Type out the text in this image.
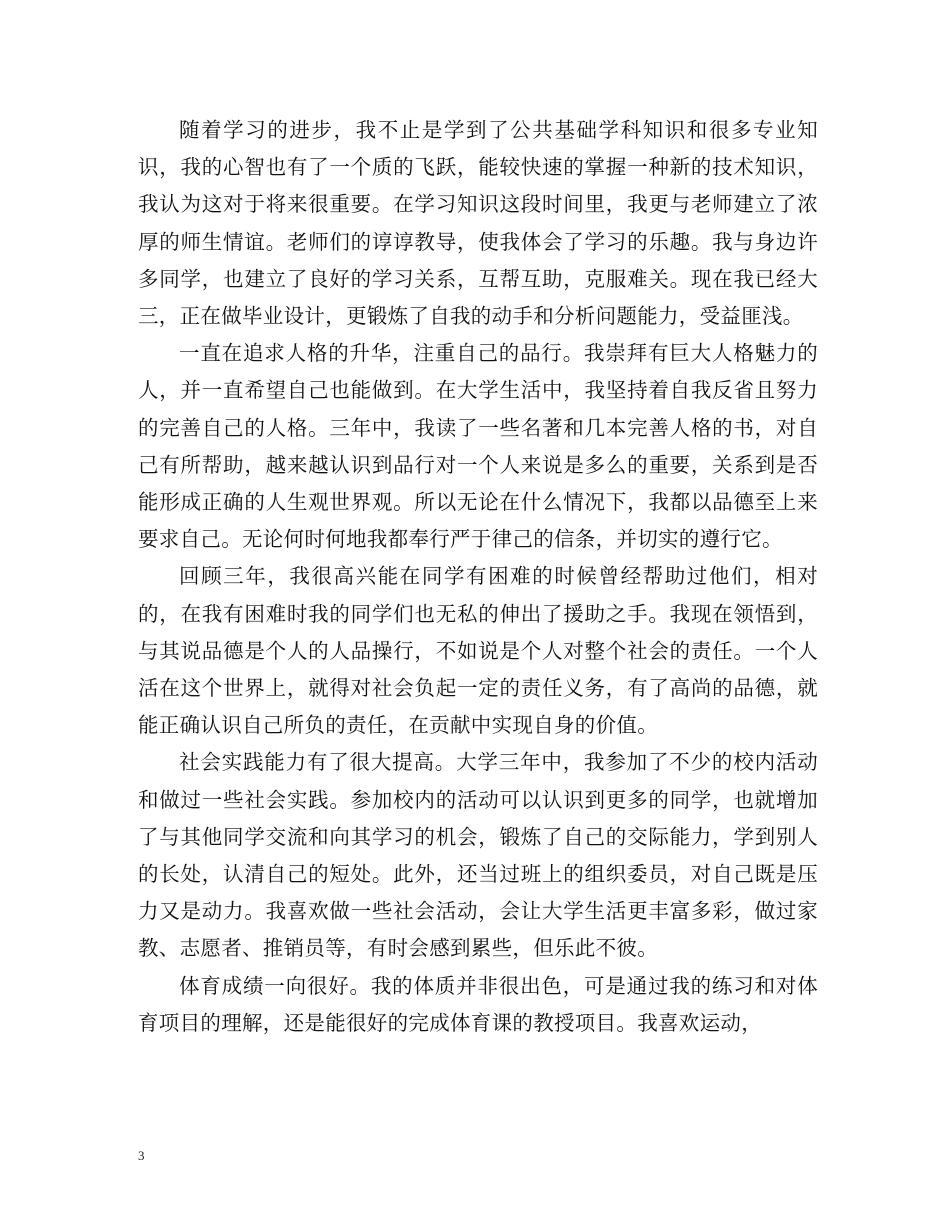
随着学习的进步，我不止是学到了公共基础学科知识和很多专业知识，我的心智也有了一个质的飞跃，能较快速的掌握一种新的技术知识，我认为这对于将来很重要。在学习知识这段时间里，我更与老师建立了浓厚的师生情谊。老师们的谆谆教导，使我体会了学习的乐趣。我与身边许多同学，也建立了良好的学习关系，互帮互助，克服难关。现在我已经大三，正在做毕业设计，更锻炼了自我的动手和分析问题能力，受益匪浅。

一直在追求人格的升华，注重自己的品行。我崇拜有巨大人格魅力的人，并一直希望自己也能做到。在大学生活中，我坚持着自我反省且努力的完善自己的人格。三年中，我读了一些名著和几本完善人格的书，对自己有所帮助，越来越认识到品行对一个人来说是多么的重要，关系到是否能形成正确的人生观世界观。所以无论在什么情况下，我都以品德至上来要求自己。无论何时何地我都奉行严于律己的信条，并切实的遵行它。

回顾三年，我很高兴能在同学有困难的时候曾经帮助过他们，相对的，在我有困难时我的同学们也无私的伸出了援助之手。我现在领悟到，与其说品德是个人的人品操行，不如说是个人对整个社会的责任。一个人活在这个世界上，就得对社会负起一定的责任义务，有了高尚的品德，就能正确认识自己所负的责任，在贡献中实现自身的价值。

社会实践能力有了很大提高。大学三年中，我参加了不少的校内活动和做过一些社会实践。参加校内的活动可以认识到更多的同学，也就增加了与其他同学交流和向其学习的机会，锻炼了自己的交际能力，学到别人的长处，认清自己的短处。此外，还当过班上的组织委员，对自己既是压力又是动力。我喜欢做一些社会活动，会让大学生活更丰富多彩，做过家教、志愿者、推销员等，有时会感到累些，但乐此不彼。

体育成绩一向很好。我的体质并非很出色，可是通过我的练习和对体育项目的理解，还是能很好的完成体育课的教授项目。我喜欢运动，

3
